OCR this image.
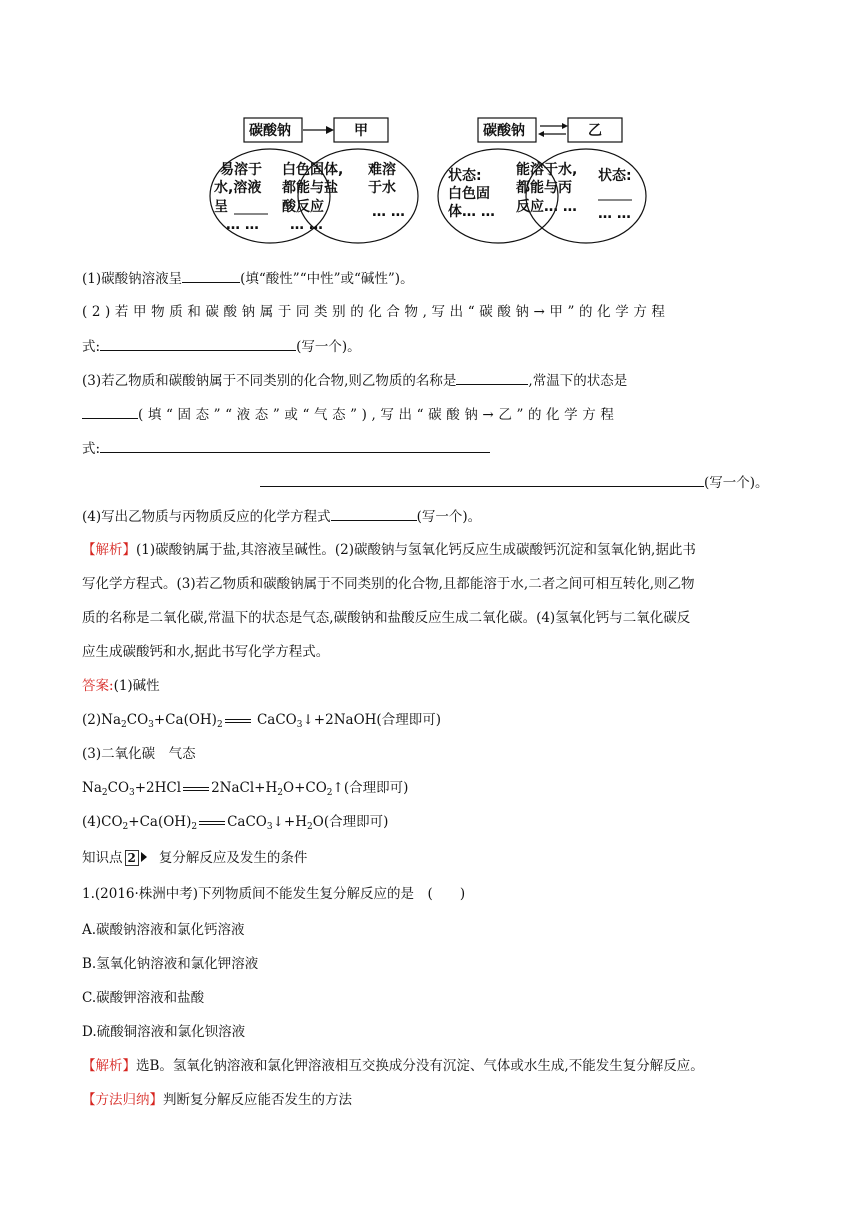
碳酸钠	甲
易溶于
水,溶液
呈
… …
白色固体,
都能与盐
酸反应
… …
难溶
于水
… …
碳酸钠	乙
状态:
白色固
体… …
能溶于水,
都能与丙
反应… …
状态:
… …
(1)碳酸钠溶液呈	(填“酸性”“中性”或“碱性”)。
(2)若甲物质和碳酸钠属于同类别的化合物,写出“碳酸钠→甲”的化学方程
式:	(写一个)。
(3)若乙物质和碳酸钠属于不同类别的化合物,则乙物质的名称是	,常温下的状态是
(填“固态”“液态”或“气态”),写出“碳酸钠→乙”的化学方程
式:
(写一个)。
(4)写出乙物质与丙物质反应的化学方程式	(写一个)。
【解析】(1)碳酸钠属于盐,其溶液呈碱性。(2)碳酸钠与氢氧化钙反应生成碳酸钙沉淀和氢氧化钠,据此书
写化学方程式。(3)若乙物质和碳酸钠属于不同类别的化合物,且都能溶于水,二者之间可相互转化,则乙物
质的名称是二氧化碳,常温下的状态是气态,碳酸钠和盐酸反应生成二氧化碳。(4)氢氧化钙与二氧化碳反
应生成碳酸钙和水,据此书写化学方程式。
答案:(1)碱性
$(2)Na_2CO_3+Ca(OH)_2$ CaCO$_3$↓+2NaOH(合理即可)
(3)二氧化碳　气态
$Na_2CO_3+2HCl$ $2NaCl+H_2O+CO_2↑$(合理即可)
$(4)CO_2+Ca(OH)_2$ $CaCO_3↓+H_2O$(合理即可)
知识点 2 复分解反应及发生的条件
1.(2016·株洲中考)下列物质间不能发生复分解反应的是　(　　)
A.碳酸钠溶液和氯化钙溶液
B.氢氧化钠溶液和氯化钾溶液
C.碳酸钾溶液和盐酸
D.硫酸铜溶液和氯化钡溶液
【解析】选B。氢氧化钠溶液和氯化钾溶液相互交换成分没有沉淀、气体或水生成,不能发生复分解反应。
【方法归纳】判断复分解反应能否发生的方法
